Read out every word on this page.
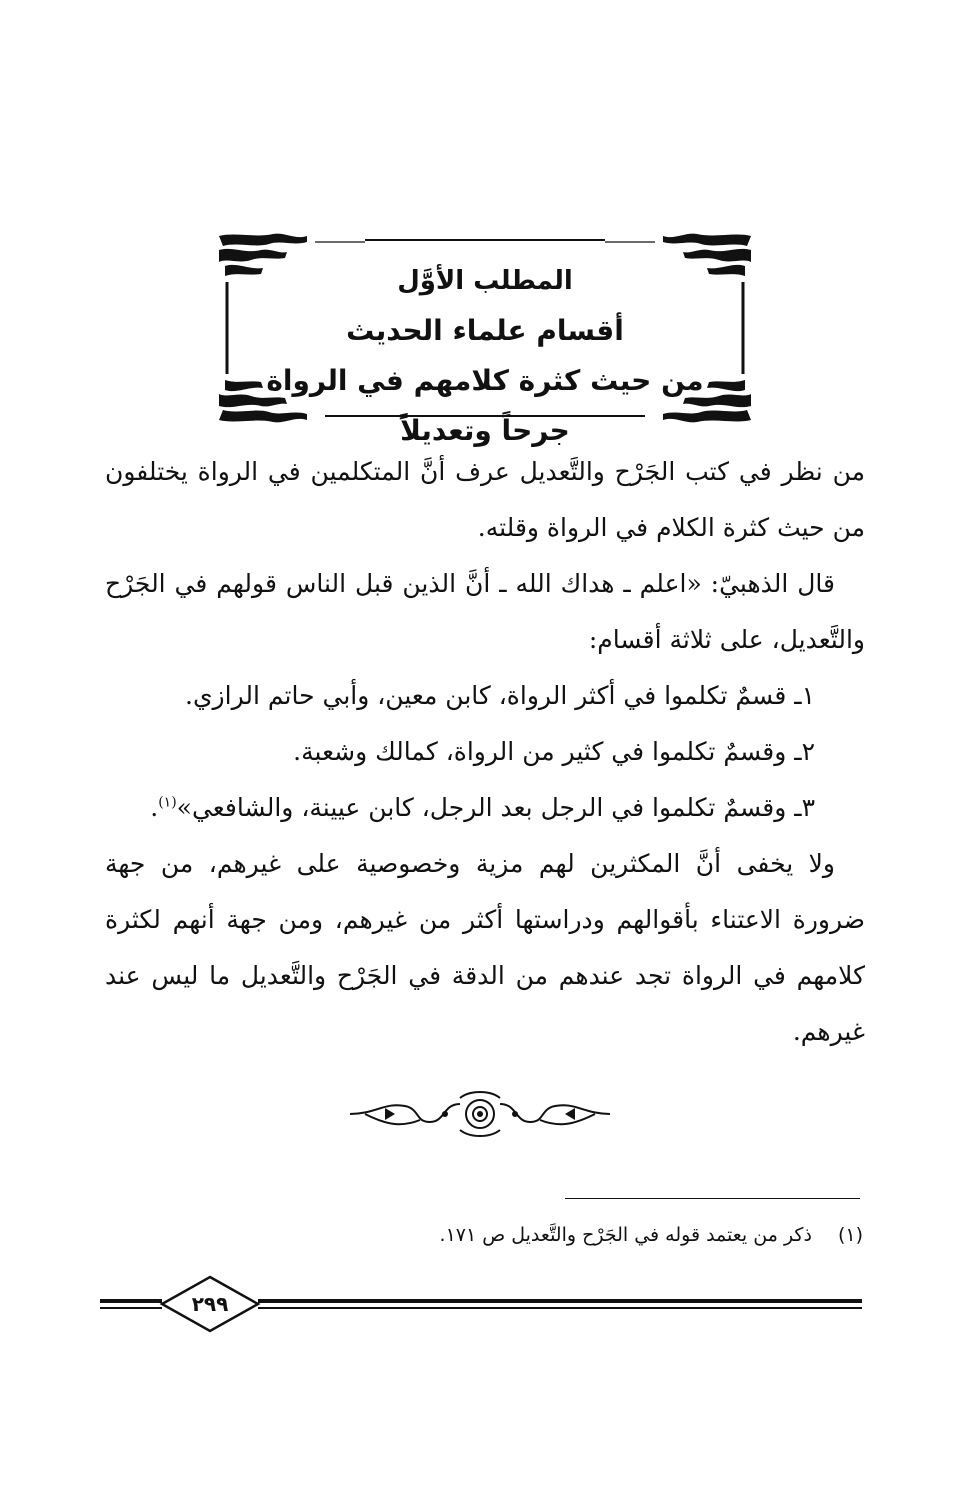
المطلب الأوَّل
أقسام علماء الحديث
من حيث كثرة كلامهم في الرواة جرحاً وتعديلاً

من نظر في كتب الجَرْح والتَّعديل عرف أنَّ المتكلمين في الرواة يختلفون من حيث كثرة الكلام في الرواة وقلته.

قال الذهبيّ: «اعلم ـ هداك الله ـ أنَّ الذين قبل الناس قولهم في الجَرْح والتَّعديل، على ثلاثة أقسام:

١ـ قسمٌ تكلموا في أكثر الرواة، كابن معين، وأبي حاتم الرازي.
٢ـ وقسمٌ تكلموا في كثير من الرواة، كمالك وشعبة.
٣ـ وقسمٌ تكلموا في الرجل بعد الرجل، كابن عيينة، والشافعي»$^{(١)}$.

ولا يخفى أنَّ المكثرين لهم مزية وخصوصية على غيرهم، من جهة ضرورة الاعتناء بأقوالهم ودراستها أكثر من غيرهم، ومن جهة أنهم لكثرة كلامهم في الرواة تجد عندهم من الدقة في الجَرْح والتَّعديل ما ليس عند غيرهم.

(١)ذكر من يعتمد قوله في الجَرْح والتَّعديل ص ١٧١.
٢٩٩
